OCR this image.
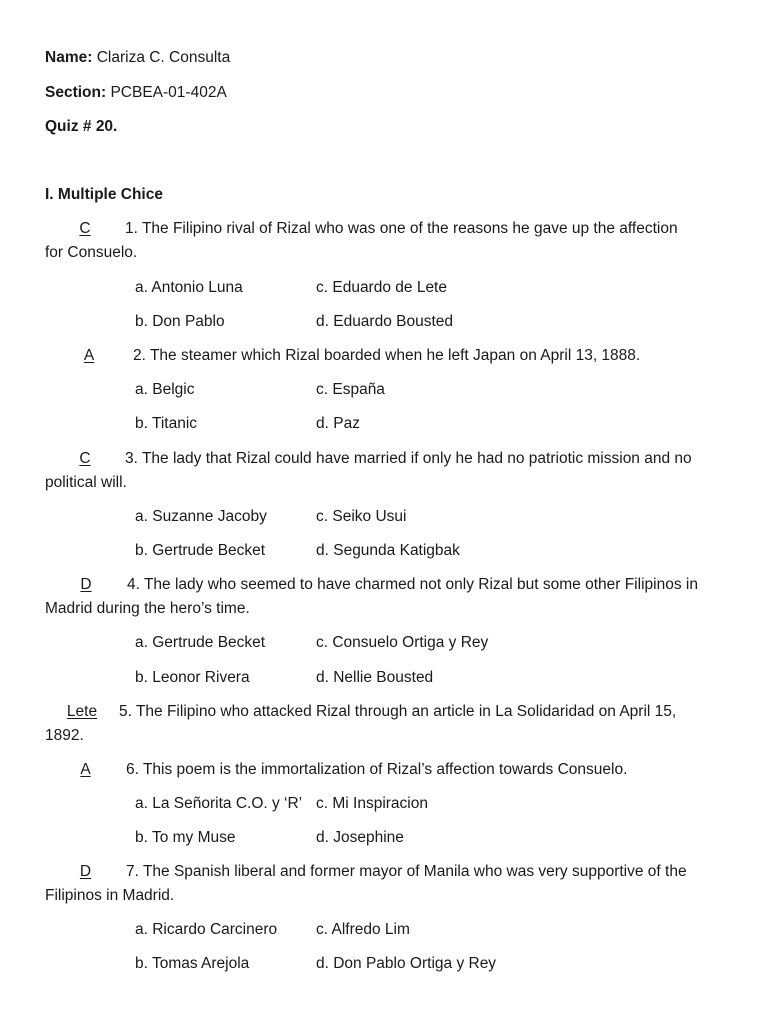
Name: Clariza C. Consulta
Section: PCBEA-01-402A
Quiz # 20.
I. Multiple Chice
C 1. The Filipino rival of Rizal who was one of the reasons he gave up the affection
for Consuelo.
a. Antonio Luna	c. Eduardo de Lete
b. Don Pablo	d. Eduardo Bousted
A	2. The steamer which Rizal boarded when he left Japan on April 13, 1888.
a. Belgic	c. España
b. Titanic	d. Paz
C 3. The lady that Rizal could have married if only he had no patriotic mission and no
political will.
a. Suzanne Jacoby	c. Seiko Usui
b. Gertrude Becket	d. Segunda Katigbak
D 4. The lady who seemed to have charmed not only Rizal but some other Filipinos in
Madrid during the hero’s time.
a. Gertrude Becket	c. Consuelo Ortiga y Rey
b. Leonor Rivera	d. Nellie Bousted
Lete 5. The Filipino who attacked Rizal through an article in La Solidaridad on April 15,
1892.
A 6. This poem is the immortalization of Rizal’s affection towards Consuelo.
a. La Señorita C.O. y ‘R’ c. Mi Inspiracion
b. To my Muse	d. Josephine
D 7. The Spanish liberal and former mayor of Manila who was very supportive of the
Filipinos in Madrid.
a. Ricardo Carcinero	c. Alfredo Lim
b. Tomas Arejola	d. Don Pablo Ortiga y Rey
